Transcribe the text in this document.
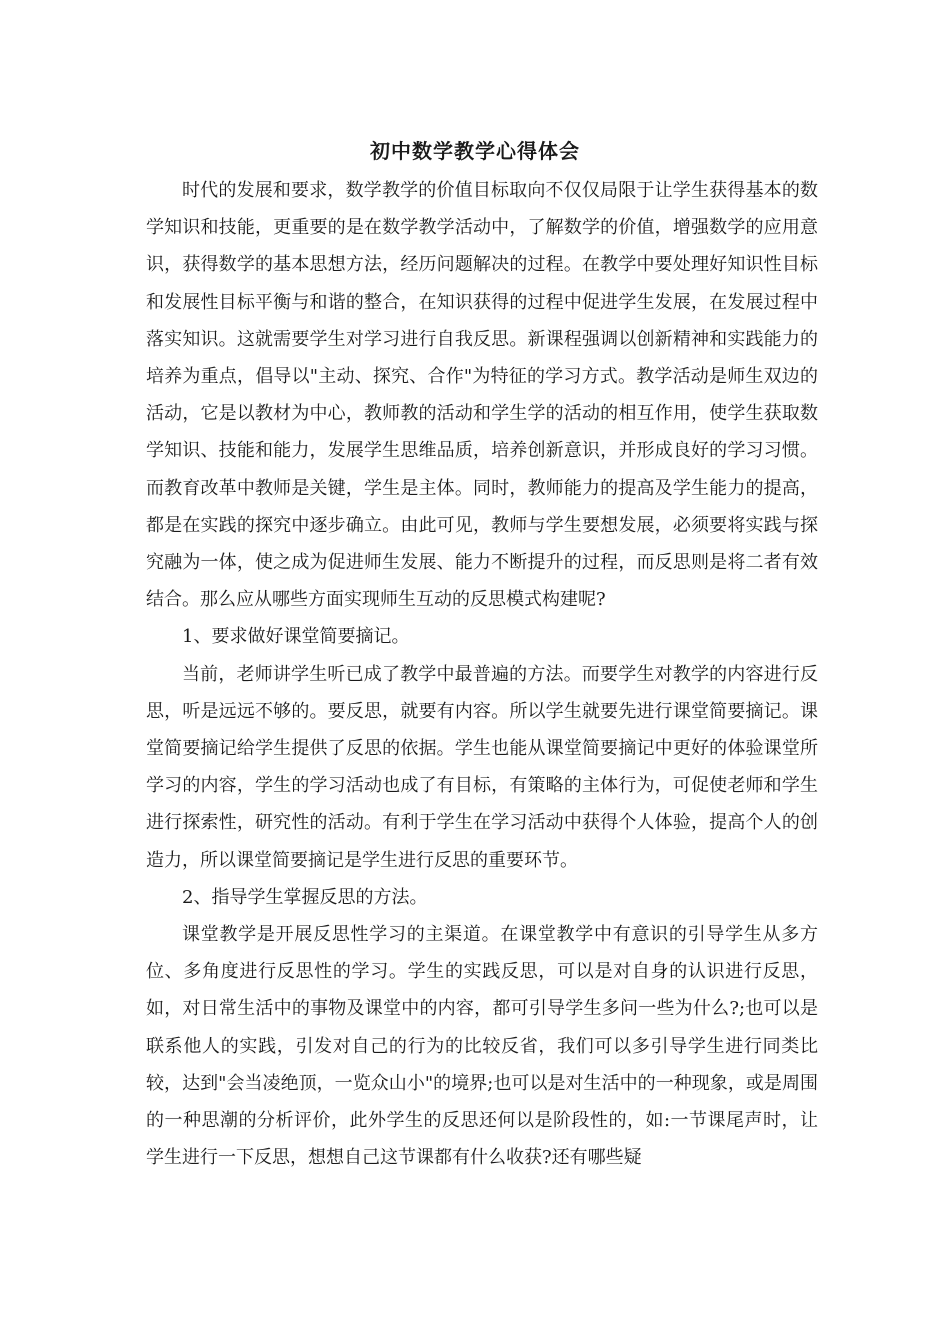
初中数学教学心得体会

时代的发展和要求，数学教学的价值目标取向不仅仅局限于让学生获得基本的数学知识和技能，更重要的是在数学教学活动中，了解数学的价值，增强数学的应用意识，获得数学的基本思想方法，经历问题解决的过程。在教学中要处理好知识性目标和发展性目标平衡与和谐的整合，在知识获得的过程中促进学生发展，在发展过程中落实知识。这就需要学生对学习进行自我反思。新课程强调以创新精神和实践能力的培养为重点，倡导以"主动、探究、合作"为特征的学习方式。教学活动是师生双边的活动，它是以教材为中心，教师教的活动和学生学的活动的相互作用，使学生获取数学知识、技能和能力，发展学生思维品质，培养创新意识，并形成良好的学习习惯。而教育改革中教师是关键，学生是主体。同时，教师能力的提高及学生能力的提高，都是在实践的探究中逐步确立。由此可见，教师与学生要想发展，必须要将实践与探究融为一体，使之成为促进师生发展、能力不断提升的过程，而反思则是将二者有效结合。那么应从哪些方面实现师生互动的反思模式构建呢?

1、要求做好课堂简要摘记。

当前，老师讲学生听已成了教学中最普遍的方法。而要学生对教学的内容进行反思，听是远远不够的。要反思，就要有内容。所以学生就要先进行课堂简要摘记。课堂简要摘记给学生提供了反思的依据。学生也能从课堂简要摘记中更好的体验课堂所学习的内容，学生的学习活动也成了有目标，有策略的主体行为，可促使老师和学生进行探索性，研究性的活动。有利于学生在学习活动中获得个人体验，提高个人的创造力，所以课堂简要摘记是学生进行反思的重要环节。

2、指导学生掌握反思的方法。

课堂教学是开展反思性学习的主渠道。在课堂教学中有意识的引导学生从多方位、多角度进行反思性的学习。学生的实践反思，可以是对自身的认识进行反思，如，对日常生活中的事物及课堂中的内容，都可引导学生多问一些为什么?;也可以是联系他人的实践，引发对自己的行为的比较反省，我们可以多引导学生进行同类比较，达到"会当凌绝顶，一览众山小"的境界;也可以是对生活中的一种现象，或是周围的一种思潮的分析评价，此外学生的反思还何以是阶段性的，如:一节课尾声时，让学生进行一下反思，想想自己这节课都有什么收获?还有哪些疑
